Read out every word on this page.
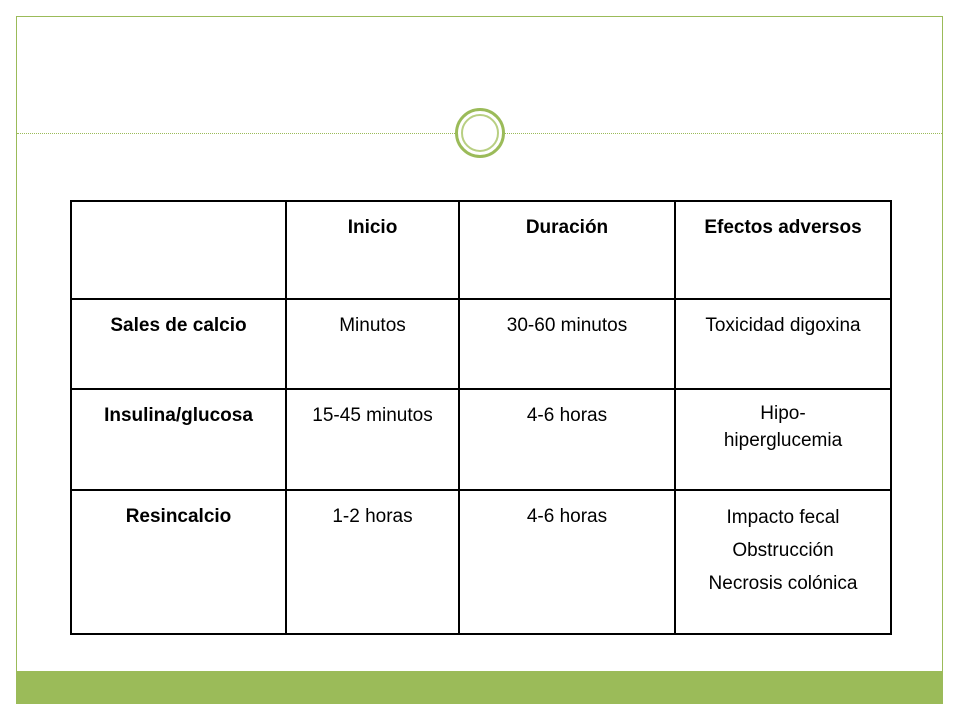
	Inicio	Duración	Efectos adversos
Sales de calcio	Minutos	30-60 minutos	Toxicidad digoxina

Insulina/glucosa	15-45 minutos	4-6 horas	Hipo-hiperglucemia

Resincalcio	1-2 horas	4-6 horas	Impacto fecal
Obstrucción
Necrosis colónica
